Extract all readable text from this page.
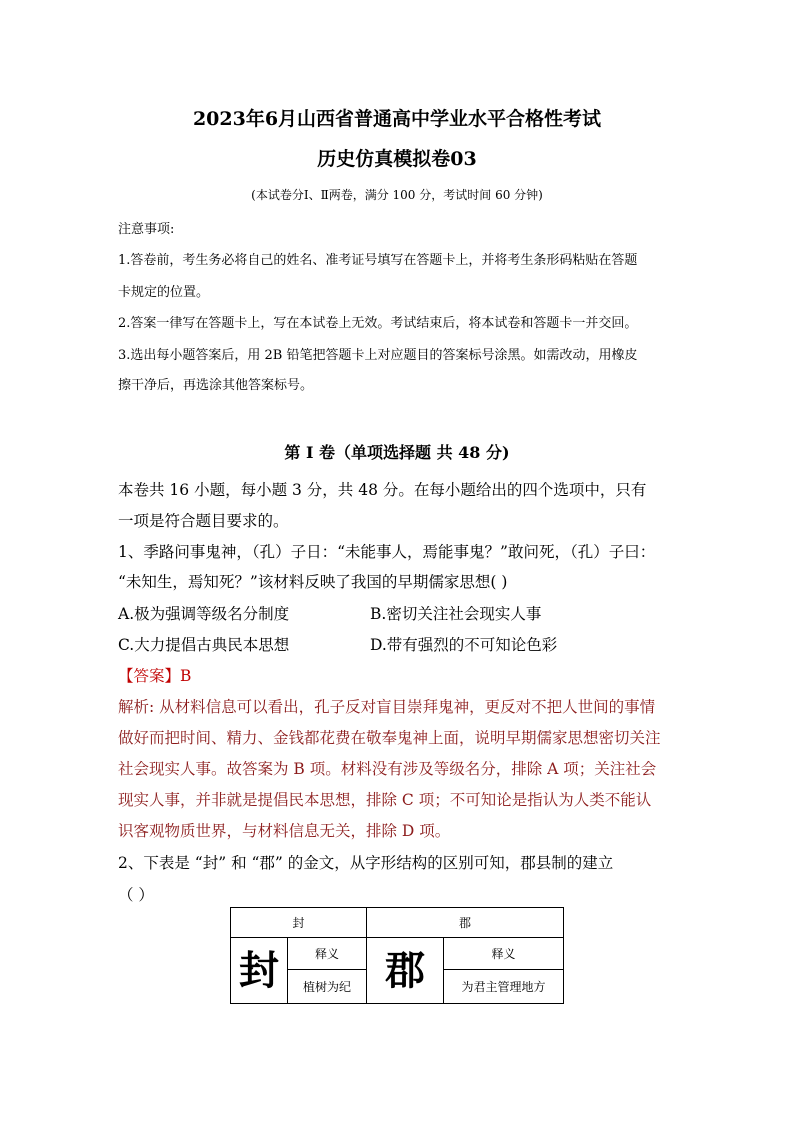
2023年6月山西省普通高中学业水平合格性考试
历史仿真模拟卷03
(本试卷分Ⅰ、Ⅱ两卷，满分 100 分，考试时间 60 分钟)
注意事项:
1.答卷前，考生务必将自己的姓名、准考证号填写在答题卡上，并将考生条形码粘贴在答题
卡规定的位置。
2.答案一律写在答题卡上，写在本试卷上无效。考试结束后，将本试卷和答题卡一并交回。
3.选出每小题答案后，用 2B 铅笔把答题卡上对应题目的答案标号涂黑。如需改动，用橡皮
擦干净后，再选涂其他答案标号。
第 I 卷（单项选择题 共 48 分)
本卷共 16 小题，每小题 3 分，共 48 分。在每小题给出的四个选项中，只有
一项是符合题目要求的。
1、季路问事鬼神，（孔）子日：“未能事人，焉能事鬼？”敢问死，（孔）子曰：
“未知生，焉知死？”该材料反映了我国的早期儒家思想( )
A.极为强调等级名分制度	B.密切关注社会现实人事
C.大力提倡古典民本思想	D.带有强烈的不可知论色彩
【答案】B
解析: 从材料信息可以看出，孔子反对盲目崇拜鬼神，更反对不把人世间的事情
做好而把时间、精力、金钱都花费在敬奉鬼神上面，说明早期儒家思想密切关注
社会现实人事。故答案为 B 项。材料没有涉及等级名分，排除 A 项；关注社会
现实人事，并非就是提倡民本思想，排除 C 项；不可知论是指认为人类不能认
识客观物质世界，与材料信息无关，排除 D 项。
2、下表是 “封” 和 “郡” 的金文，从字形结构的区别可知，郡县制的建立
（ ）
封		郡	
封	释义	郡	释义
	植树为纪		为君主管理地方
